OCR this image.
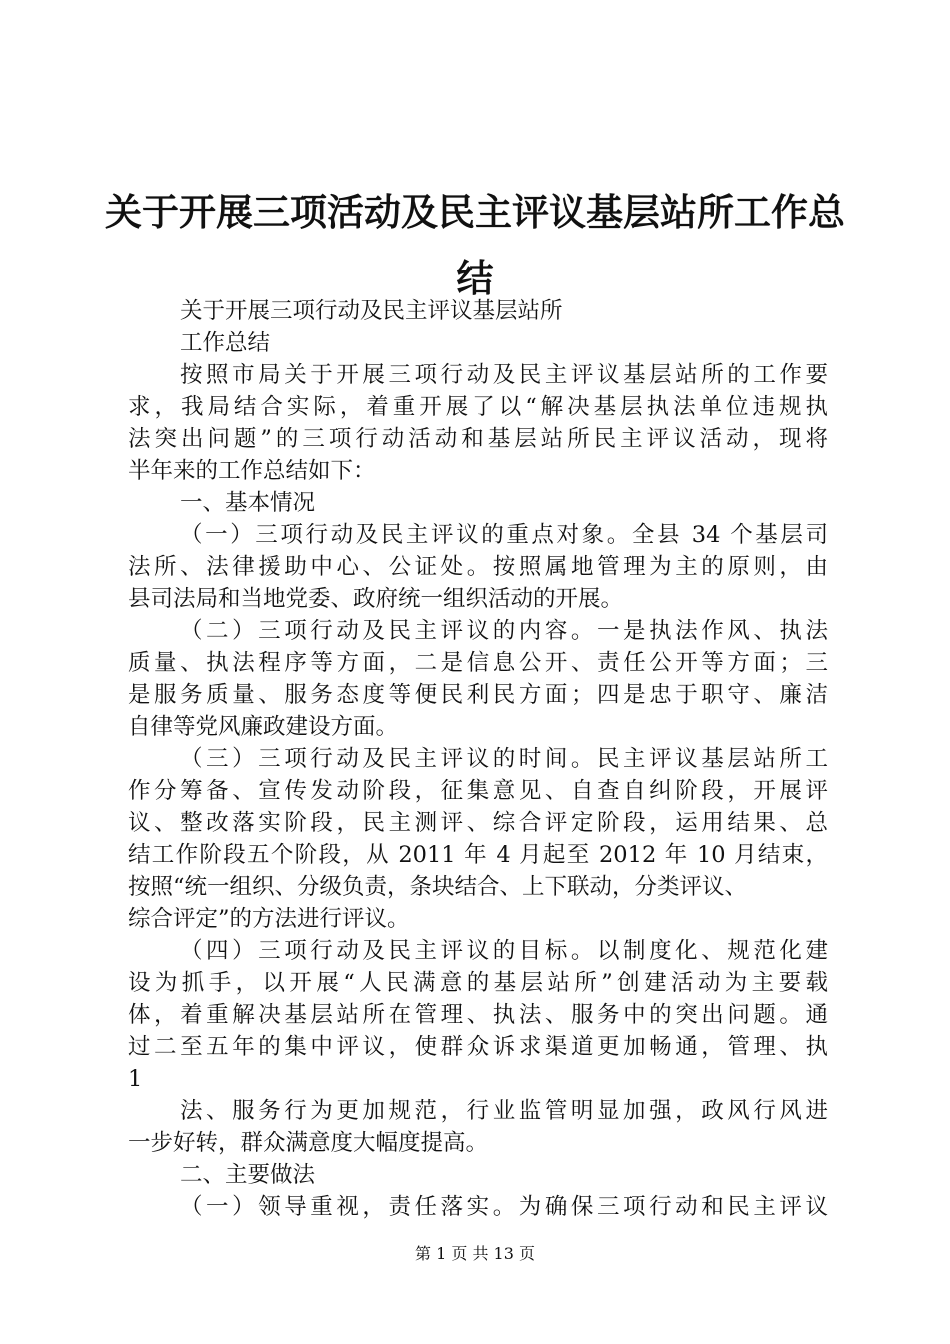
关于开展三项活动及民主评议基层站所工作总
结
关于开展三项行动及民主评议基层站所
工作总结
按照市局关于开展三项行动及民主评议基层站所的工作要
求，我局结合实际，着重开展了以“解决基层执法单位违规执
法突出问题”的三项行动活动和基层站所民主评议活动，现将
半年来的工作总结如下：
一、基本情况
（一）三项行动及民主评议的重点对象。全县 34 个基层司
法所、法律援助中心、公证处。按照属地管理为主的原则，由
县司法局和当地党委、政府统一组织活动的开展。
（二）三项行动及民主评议的内容。一是执法作风、执法
质量、执法程序等方面，二是信息公开、责任公开等方面；三
是服务质量、服务态度等便民利民方面；四是忠于职守、廉洁
自律等党风廉政建设方面。
（三）三项行动及民主评议的时间。民主评议基层站所工
作分筹备、宣传发动阶段，征集意见、自查自纠阶段，开展评
议、整改落实阶段，民主测评、综合评定阶段，运用结果、总
结工作阶段五个阶段，从 2011 年 4 月起至 2012 年 10 月结束，
按照“统一组织、分级负责，条块结合、上下联动，分类评议、
综合评定”的方法进行评议。
（四）三项行动及民主评议的目标。以制度化、规范化建
设为抓手，以开展“人民满意的基层站所”创建活动为主要载
体，着重解决基层站所在管理、执法、服务中的突出问题。通
过二至五年的集中评议，使群众诉求渠道更加畅通，管理、执
1
法、服务行为更加规范，行业监管明显加强，政风行风进
一步好转，群众满意度大幅度提高。
二、主要做法
（一）领导重视，责任落实。为确保三项行动和民主评议
第 1 页 共 13 页
